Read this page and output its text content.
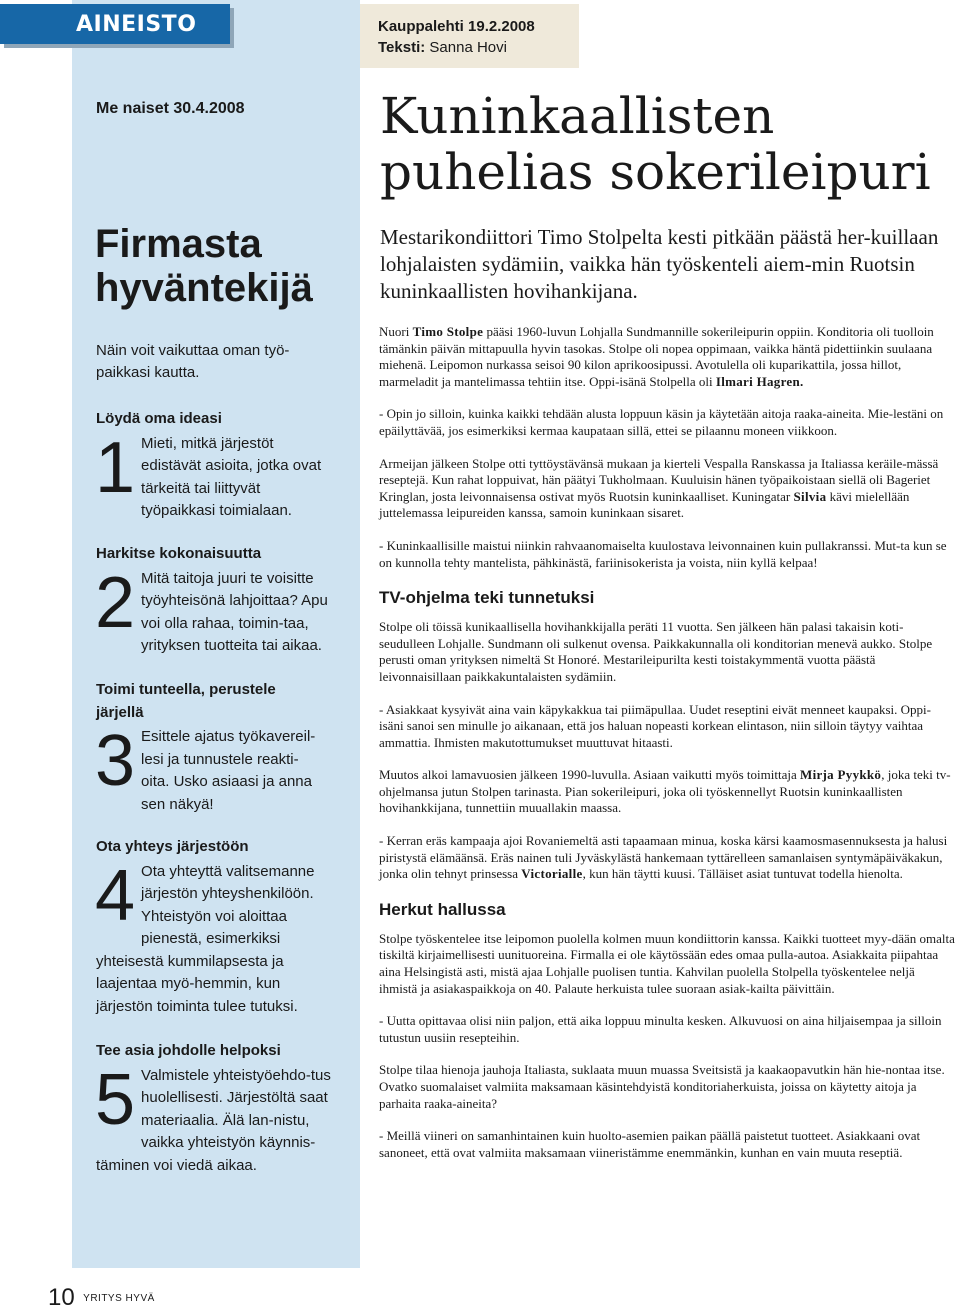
AINEISTO	Kauppalehti 19.2.2008
Teksti: Sanna Hovi
Me naiset 30.4.2008
Firmasta
hyväntekijä
Näin voit vaikuttaa oman työ-paikkasi kautta.
Löydä oma ideasi

1 Mieti, mitkä järjestöt edistävät asioita, jotka ovat tärkeitä tai liittyvät työpaikkasi toimialaan.

Harkitse kokonaisuutta

2 Mitä taitoja juuri te voisitte työyhteisönä lahjoittaa? Apu voi olla rahaa, toimin-taa, yrityksen tuotteita tai aikaa.

Toimi tunteella, perustele järjellä

3 Esittele ajatus työkavereil-lesi ja tunnustele reakti-oita. Usko asiaasi ja anna sen näkyä!

Ota yhteys järjestöön

4 Ota yhteyttä valitsemanne järjestön yhteyshenkilöön. Yhteistyön voi aloittaa pienestä, esimerkiksi yhteisestä kummilapsesta ja laajentaa myö-hemmin, kun järjestön toiminta tulee tutuksi.

Tee asia johdolle helpoksi

5 Valmistele yhteistyöehdo-tus huolellisesti. Järjestöltä saat materiaalia. Älä lan-nistu, vaikka yhteistyön käynnis-täminen voi viedä aikaa.

Kuninkaallisten
puhelias sokerileipuri
Mestarikondiittori Timo Stolpelta kesti pitkään päästä her-kuillaan lohjalaisten sydämiin, vaikka hän työskenteli aiem-min Ruotsin kuninkaallisten hovihankijana.

Nuori Timo Stolpe pääsi 1960-luvun Lohjalla Sundmannille sokerileipurin oppiin. Konditoria oli tuolloin tämänkin päivän mittapuulla hyvin tasokas. Stolpe oli nopea oppimaan, vaikka häntä pidettiinkin suulaana miehenä. Leipomon nurkassa seisoi 90 kilon aprikoosipussi. Avotulella oli kuparikattila, jossa hillot, marmeladit ja mantelimassa tehtiin itse. Oppi-isänä Stolpella oli Ilmari Hagren.

- Opin jo silloin, kuinka kaikki tehdään alusta loppuun käsin ja käytetään aitoja raaka-aineita. Mie-lestäni on epäilyttävää, jos esimerkiksi kermaa kaupataan sillä, ettei se pilaannu moneen viikkoon.

Armeijan jälkeen Stolpe otti tyttöystävänsä mukaan ja kierteli Vespalla Ranskassa ja Italiassa keräile-mässä reseptejä. Kun rahat loppuivat, hän päätyi Tukholmaan. Kuuluisin hänen työpaikoistaan siellä oli Bageriet Kringlan, josta leivonnaisensa ostivat myös Ruotsin kuninkaalliset. Kuningatar Silvia kävi mielellään juttelemassa leipureiden kanssa, samoin kuninkaan sisaret.

- Kuninkaallisille maistui niinkin rahvaanomaiselta kuulostava leivonnainen kuin pullakranssi. Mut-ta kun se on kunnolla tehty mantelista, pähkinästä, fariinisokerista ja voista, niin kyllä kelpaa!

TV-ohjelma teki tunnetuksi

Stolpe oli töissä kunikaallisella hovihankkijalla peräti 11 vuotta. Sen jälkeen hän palasi takaisin koti-seudulleen Lohjalle. Sundmann oli sulkenut ovensa. Paikkakunnalla oli konditorian menevä aukko. Stolpe perusti oman yrityksen nimeltä St Honoré. Mestarileipurilta kesti toistakymmentä vuotta päästä leivonnaisillaan paikkakuntalaisten sydämiin.

- Asiakkaat kysyivät aina vain käpykakkua tai piimäpullaa. Uudet reseptini eivät menneet kaupaksi. Oppi-isäni sanoi sen minulle jo aikanaan, että jos haluan nopeasti korkean elintason, niin silloin täytyy vaihtaa ammattia. Ihmisten makutottumukset muuttuvat hitaasti.

Muutos alkoi lamavuosien jälkeen 1990-luvulla. Asiaan vaikutti myös toimittaja Mirja Pyykkö, joka teki tv-ohjelmansa jutun Stolpen tarinasta. Pian sokerileipuri, joka oli työskennellyt Ruotsin kuninkaallisten hovihankkijana, tunnettiin muuallakin maassa.

- Kerran eräs kampaaja ajoi Rovaniemeltä asti tapaamaan minua, koska kärsi kaamosmasennuksesta ja halusi piristystä elämäänsä. Eräs nainen tuli Jyväskylästä hankemaan tyttärelleen samanlaisen syntymäpäiväkakun, jonka olin tehnyt prinsessa Victorialle, kun hän täytti kuusi. Tälläiset asiat tuntuvat todella hienolta.

Herkut hallussa

Stolpe työskentelee itse leipomon puolella kolmen muun kondiittorin kanssa. Kaikki tuotteet myy-dään omalta tiskiltä kirjaimellisesti uunituoreina. Firmalla ei ole käytössään edes omaa pulla-autoa. Asiakkaita piipahtaa aina Helsingistä asti, mistä ajaa Lohjalle puolisen tuntia. Kahvilan puolella Stolpella työskentelee neljä ihmistä ja asiakaspaikkoja on 40. Palaute herkuista tulee suoraan asiak-kailta päivittäin.

- Uutta opittavaa olisi niin paljon, että aika loppuu minulta kesken. Alkuvuosi on aina hiljaisempaa ja silloin tutustun uusiin resepteihin.

Stolpe tilaa hienoja jauhoja Italiasta, suklaata muun muassa Sveitsistä ja kaakaopavutkin hän hie-nontaa itse. Ovatko suomalaiset valmiita maksamaan käsintehdyistä konditoriaherkuista, joissa on käytetty aitoja ja parhaita raaka-aineita?

- Meillä viineri on samanhintainen kuin huolto-asemien paikan päällä paistetut tuotteet. Asiakkaani ovat sanoneet, että ovat valmiita maksamaan viineristämme enemmänkin, kunhan en vain muuta reseptiä.

10 YRITYS HYVÄ
